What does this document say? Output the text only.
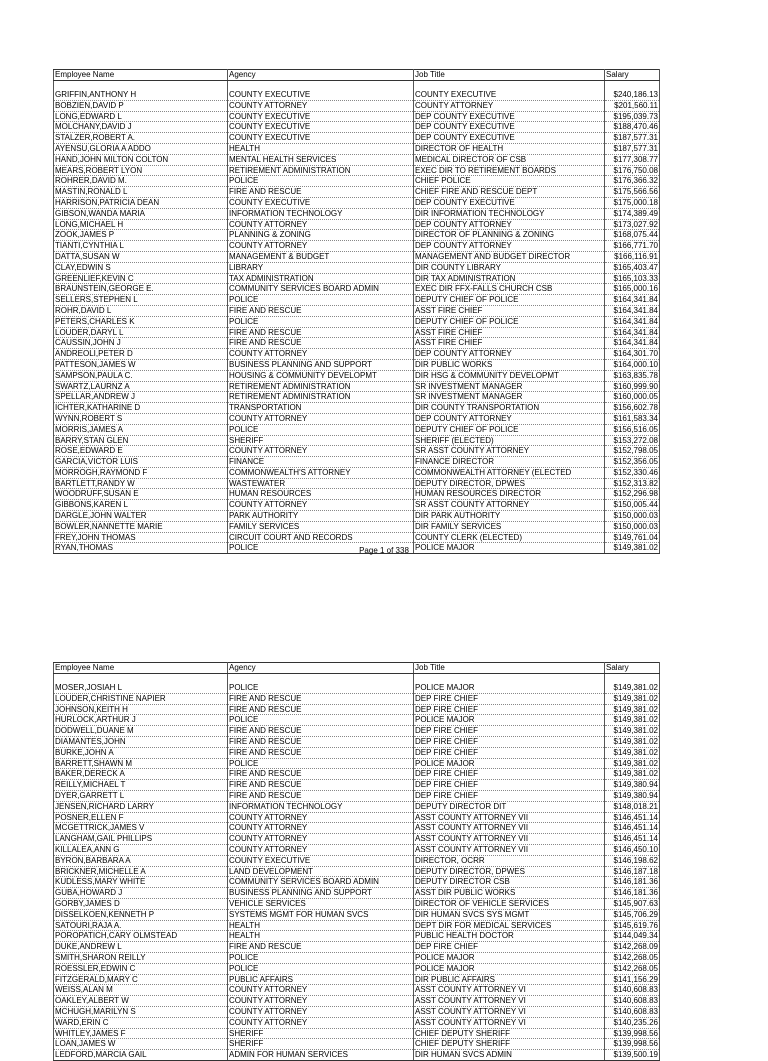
Employee Name	Agency	Job Title	Salary

GRIFFIN,ANTHONY H	COUNTY EXECUTIVE	COUNTY EXECUTIVE	$240,186.13
BOBZIEN,DAVID P	COUNTY ATTORNEY	COUNTY ATTORNEY	$201,560.11
LONG,EDWARD L	COUNTY EXECUTIVE	DEP COUNTY EXECUTIVE	$195,039.73
MOLCHANY,DAVID J	COUNTY EXECUTIVE	DEP COUNTY EXECUTIVE	$188,470.46
STALZER,ROBERT A.	COUNTY EXECUTIVE	DEP COUNTY EXECUTIVE	$187,577.31
AYENSU,GLORIA A ADDO	HEALTH	DIRECTOR OF HEALTH	$187,577.31
HAND,JOHN MILTON COLTON	MENTAL HEALTH SERVICES	MEDICAL DIRECTOR OF CSB	$177,308.77
MEARS,ROBERT LYON	RETIREMENT ADMINISTRATION	EXEC DIR TO RETIREMENT BOARDS	$176,750.08
ROHRER,DAVID M.	POLICE	CHIEF POLICE	$176,366.32
MASTIN,RONALD L	FIRE AND RESCUE	CHIEF FIRE AND RESCUE DEPT	$175,566.56
HARRISON,PATRICIA DEAN	COUNTY EXECUTIVE	DEP COUNTY EXECUTIVE	$175,000.18
GIBSON,WANDA MARIA	INFORMATION TECHNOLOGY	DIR INFORMATION TECHNOLOGY	$174,389.49
LONG,MICHAEL H	COUNTY ATTORNEY	DEP COUNTY ATTORNEY	$173,027.92
ZOOK,JAMES P	PLANNING & ZONING	DIRECTOR OF PLANNING & ZONING	$168,075.44
TIANTI,CYNTHIA L	COUNTY ATTORNEY	DEP COUNTY ATTORNEY	$166,771.70
DATTA,SUSAN W	MANAGEMENT & BUDGET	MANAGEMENT AND BUDGET DIRECTOR	$166,116.91
CLAY,EDWIN S	LIBRARY	DIR COUNTY LIBRARY	$165,403.47
GREENLIEF,KEVIN C	TAX ADMINISTRATION	DIR TAX ADMINISTRATION	$165,103.33
BRAUNSTEIN,GEORGE E.	COMMUNITY SERVICES BOARD ADMIN	EXEC DIR FFX-FALLS CHURCH CSB	$165,000.16
SELLERS,STEPHEN L	POLICE	DEPUTY CHIEF OF POLICE	$164,341.84
ROHR,DAVID L	FIRE AND RESCUE	ASST FIRE CHIEF	$164,341.84
PETERS,CHARLES K	POLICE	DEPUTY CHIEF OF POLICE	$164,341.84
LOUDER,DARYL L	FIRE AND RESCUE	ASST FIRE CHIEF	$164,341.84
CAUSSIN,JOHN J	FIRE AND RESCUE	ASST FIRE CHIEF	$164,341.84
ANDREOLI,PETER D	COUNTY ATTORNEY	DEP COUNTY ATTORNEY	$164,301.70
PATTESON,JAMES W	BUSINESS PLANNING AND SUPPORT	DIR PUBLIC WORKS	$164,000.10
SAMPSON,PAULA C.	HOUSING & COMMUNITY DEVELOPMT	DIR HSG & COMMUNITY DEVELOPMT	$163,835.78
SWARTZ,LAURNZ A	RETIREMENT ADMINISTRATION	SR INVESTMENT MANAGER	$160,999.90
SPELLAR,ANDREW J	RETIREMENT ADMINISTRATION	SR INVESTMENT MANAGER	$160,000.05
ICHTER,KATHARINE D	TRANSPORTATION	DIR COUNTY TRANSPORTATION	$156,602.78
WYNN,ROBERT S	COUNTY ATTORNEY	DEP COUNTY ATTORNEY	$161,583.34
MORRIS,JAMES A	POLICE	DEPUTY CHIEF OF POLICE	$156,516.05
BARRY,STAN GLEN	SHERIFF	SHERIFF (ELECTED)	$153,272.08
ROSE,EDWARD E	COUNTY ATTORNEY	SR ASST COUNTY ATTORNEY	$152,798.05
GARCIA,VICTOR LUIS	FINANCE	FINANCE DIRECTOR	$152,356.05
MORROGH,RAYMOND F	COMMONWEALTH'S ATTORNEY	COMMONWEALTH ATTORNEY (ELECTED	$152,330.46
BARTLETT,RANDY W	WASTEWATER	DEPUTY DIRECTOR, DPWES	$152,313.82
WOODRUFF,SUSAN E	HUMAN RESOURCES	HUMAN RESOURCES DIRECTOR	$152,296.98
GIBBONS,KAREN L	COUNTY ATTORNEY	SR ASST COUNTY ATTORNEY	$150,005.44
DARGLE,JOHN WALTER	PARK AUTHORITY	DIR PARK AUTHORITY	$150,000.03
BOWLER,NANNETTE MARIE	FAMILY SERVICES	DIR FAMILY SERVICES	$150,000.03
FREY,JOHN THOMAS	CIRCUIT COURT AND RECORDS	COUNTY CLERK (ELECTED)	$149,761.04
RYAN,THOMAS	POLICE	POLICE MAJOR	$149,381.02
Page 1 of 338
Employee Name	Agency	Job Title	Salary

MOSER,JOSIAH L	POLICE	POLICE MAJOR	$149,381.02
LOUDER,CHRISTINE NAPIER	FIRE AND RESCUE	DEP FIRE CHIEF	$149,381.02
JOHNSON,KEITH H	FIRE AND RESCUE	DEP FIRE CHIEF	$149,381.02
HURLOCK,ARTHUR J	POLICE	POLICE MAJOR	$149,381.02
DODWELL,DUANE M	FIRE AND RESCUE	DEP FIRE CHIEF	$149,381.02
DIAMANTES,JOHN	FIRE AND RESCUE	DEP FIRE CHIEF	$149,381.02
BURKE,JOHN A	FIRE AND RESCUE	DEP FIRE CHIEF	$149,381.02
BARRETT,SHAWN M	POLICE	POLICE MAJOR	$149,381.02
BAKER,DERECK A	FIRE AND RESCUE	DEP FIRE CHIEF	$149,381.02
REILLY,MICHAEL T	FIRE AND RESCUE	DEP FIRE CHIEF	$149,380.94
DYER,GARRETT L	FIRE AND RESCUE	DEP FIRE CHIEF	$149,380.94
JENSEN,RICHARD LARRY	INFORMATION TECHNOLOGY	DEPUTY DIRECTOR DIT	$148,018.21
POSNER,ELLEN F	COUNTY ATTORNEY	ASST COUNTY ATTORNEY VII	$146,451.14
MCGETTRICK,JAMES V	COUNTY ATTORNEY	ASST COUNTY ATTORNEY VII	$146,451.14
LANGHAM,GAIL PHILLIPS	COUNTY ATTORNEY	ASST COUNTY ATTORNEY VII	$146,451.14
KILLALEA,ANN G	COUNTY ATTORNEY	ASST COUNTY ATTORNEY VII	$146,450.10
BYRON,BARBARA A	COUNTY EXECUTIVE	DIRECTOR, OCRR	$146,198.62
BRICKNER,MICHELLE A	LAND DEVELOPMENT	DEPUTY DIRECTOR, DPWES	$146,187.18
KUDLESS,MARY WHITE	COMMUNITY SERVICES BOARD ADMIN	DEPUTY DIRECTOR CSB	$146,181.36
GUBA,HOWARD J	BUSINESS PLANNING AND SUPPORT	ASST DIR PUBLIC WORKS	$146,181.36
GORBY,JAMES D	VEHICLE SERVICES	DIRECTOR OF VEHICLE SERVICES	$145,907.63
DISSELKOEN,KENNETH P	SYSTEMS MGMT FOR HUMAN SVCS	DIR HUMAN SVCS SYS MGMT	$145,706.29
SATOURI,RAJA A.	HEALTH	DEPT DIR FOR MEDICAL SERVICES	$145,619.76
POROPATICH,CARY OLMSTEAD	HEALTH	PUBLIC HEALTH DOCTOR	$144,049.34
DUKE,ANDREW L	FIRE AND RESCUE	DEP FIRE CHIEF	$142,268.09
SMITH,SHARON REILLY	POLICE	POLICE MAJOR	$142,268.05
ROESSLER,EDWIN C	POLICE	POLICE MAJOR	$142,268.05
FITZGERALD,MARY C	PUBLIC AFFAIRS	DIR PUBLIC AFFAIRS	$141,156.29
WEISS,ALAN M	COUNTY ATTORNEY	ASST COUNTY ATTORNEY VI	$140,608.83
OAKLEY,ALBERT W	COUNTY ATTORNEY	ASST COUNTY ATTORNEY VI	$140,608.83
MCHUGH,MARILYN S	COUNTY ATTORNEY	ASST COUNTY ATTORNEY VI	$140,608.83
WARD,ERIN C	COUNTY ATTORNEY	ASST COUNTY ATTORNEY VI	$140,235.26
WHITLEY,JAMES F	SHERIFF	CHIEF DEPUTY SHERIFF	$139,998.56
LOAN,JAMES W	SHERIFF	CHIEF DEPUTY SHERIFF	$139,998.56
LEDFORD,MARCIA GAIL	ADMIN FOR HUMAN SERVICES	DIR HUMAN SVCS ADMIN	$139,500.19
